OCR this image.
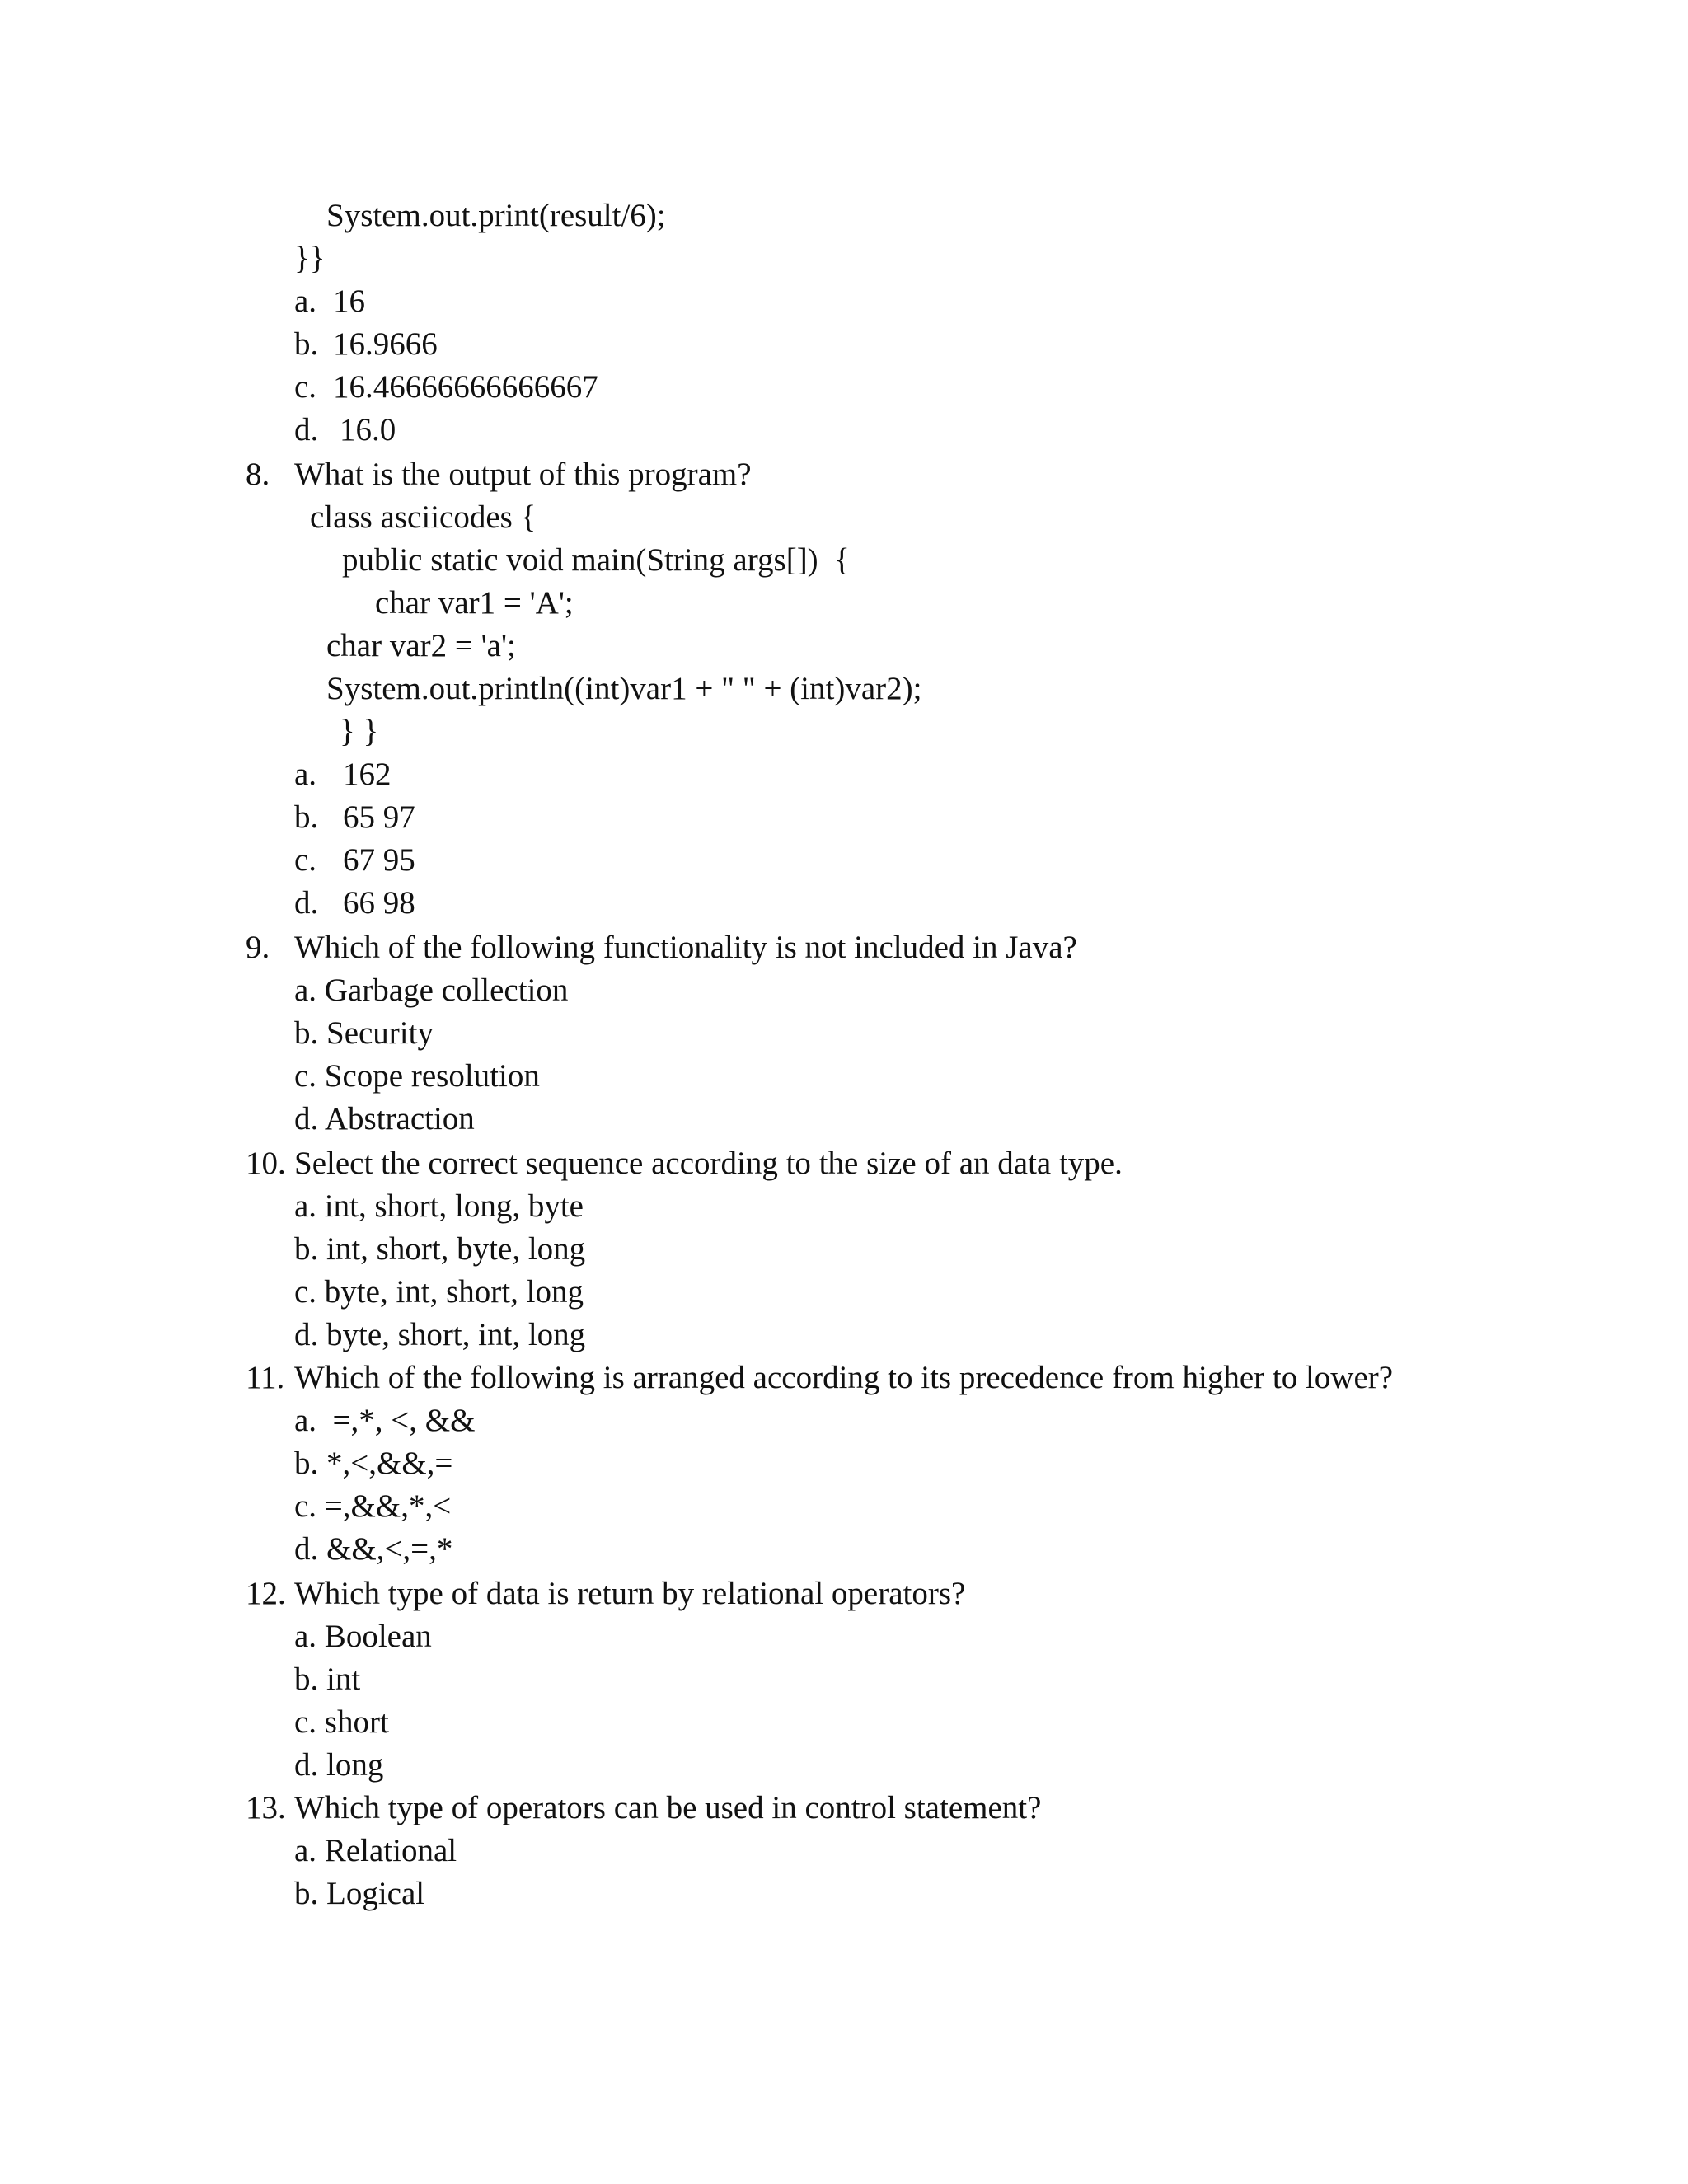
System.out.print(result/6);
}}
a. 16
b. 16.9666
c. 16.46666666666667
d. 16.0
8. What is the output of this program?
class asciicodes {
public static void main(String args[])  {
char var1 = 'A';
char var2 = 'a';
System.out.println((int)var1 + " " + (int)var2);
} }
a. 162
b. 65 97
c. 67 95
d. 66 98
9. Which of the following functionality is not included in Java?
a. Garbage collection
b. Security
c. Scope resolution
d. Abstraction
10. Select the correct sequence according to the size of an data type.
a. int, short, long, byte
b. int, short, byte, long
c. byte, int, short, long
d. byte, short, int, long
11. Which of the following is arranged according to its precedence from higher to lower?
a.  =,*, <, &&
b. *,<,&&,=
c. =,&&,*,<
d. &&,<,=,*
12. Which type of data is return by relational operators?
a. Boolean
b. int
c. short
d. long
13. Which type of operators can be used in control statement?
a. Relational
b. Logical
